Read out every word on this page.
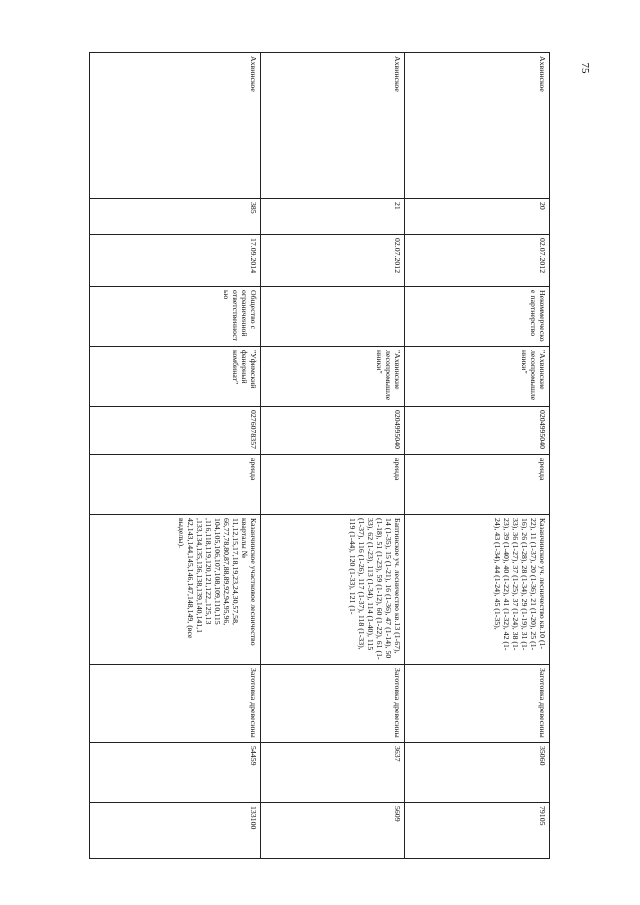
75
Ахвинское	20	02.07.2012	Некоммерческое партнерство	"Ахвинские лесопромышленники"	0204995040	аренда	Казанчинское уч. лесничество кв.10 (1-22), 11 (1-37), 20 (1-36), 21 (1-20), 25 (1-16), 26 (1-28), 28 (1-34), 29 (1-19), 31 (1-33), 36 (1-27), 37 (1-25), 37 (1-24), 38 (1-23), 39 (1-40), 40 (1-22), 41 (1-32), 42 (1-24), 43 (1-34), 44 (1-24), 45 (1-35),	Заготовка древесины	35060	79105
Ахвинское	21	02.07.2012		"Ахвинские лесопромышленники"	0204995040	аренда	Баптинское уч. лесничество кв.13 (1-67), 14 (1-35), 15 (1-21), 16 (1-36), 47 (1-14), 50 (1-18), 51 (1-23), 59 (1-12), 60 (1-22), 61 (1-33), 62 (1-23), 113 (1-34), 114 (1-40), 115 (1-37), 116 (1-26), 117 (1-37), 118 (1-33), 119 (1-44), 120 (1-33), 121 (1-	Заготовка древесины	3637	5609
Ахвинское	385	17.09.2014	Общество с ограниченной ответственностью	"Уфимский фанерный комбинат"	0276078357	аренда	Казанчинское участковое лесничество кварталы № 11,12,15,17,18,19,23,24,30,57,58, 66,77,78,80,87,88,89,92,94,95,96, 104,105,106,107,108,109,110,115 ,116,118,119,120,121,122,,125,13 ,133,134,135,136,138,139,140,141,1 42,143,144,145,146,147,148,149, (все выделы).	Заготовка древесины	54459	133100
